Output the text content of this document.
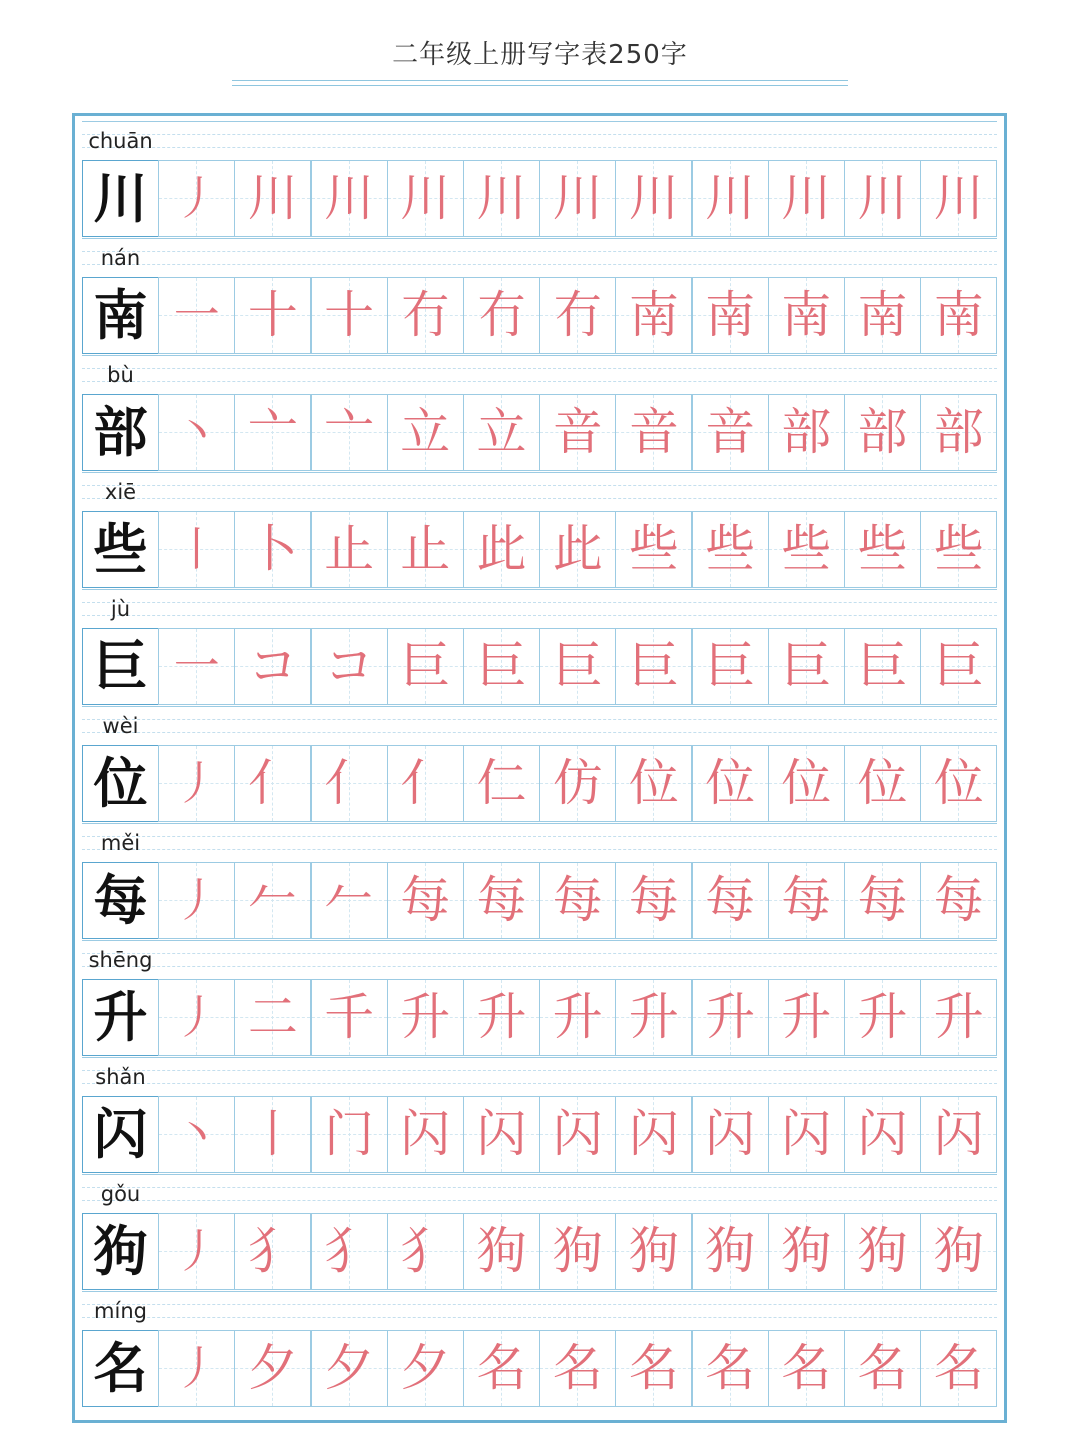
二年级上册写字表250字
chuān
川 丿 川 川 川 川 川 川 川 川 川 川
nán
南 一 十 十 冇 冇 冇 南 南 南 南 南
bù
部 丶 亠 亠 立 立 音 音 音 部 部 部
xiē
些 丨 卜 止 止 此 此 些 些 些 些 些
jù
巨 一 コ コ 巨 巨 巨 巨 巨 巨 巨 巨
wèi
位 丿 亻 亻 亻 仁 仿 位 位 位 位 位
měi
每 丿 𠂉 𠂉 每 每 每 每 每 每 每 每
shēng
升 丿 二 千 升 升 升 升 升 升 升 升
shǎn
闪 丶 丨 门 闪 闪 闪 闪 闪 闪 闪 闪
gǒu
狗 丿 犭 犭 犭 狗 狗 狗 狗 狗 狗 狗
míng
名 丿 夕 夕 夕 名 名 名 名 名 名 名
